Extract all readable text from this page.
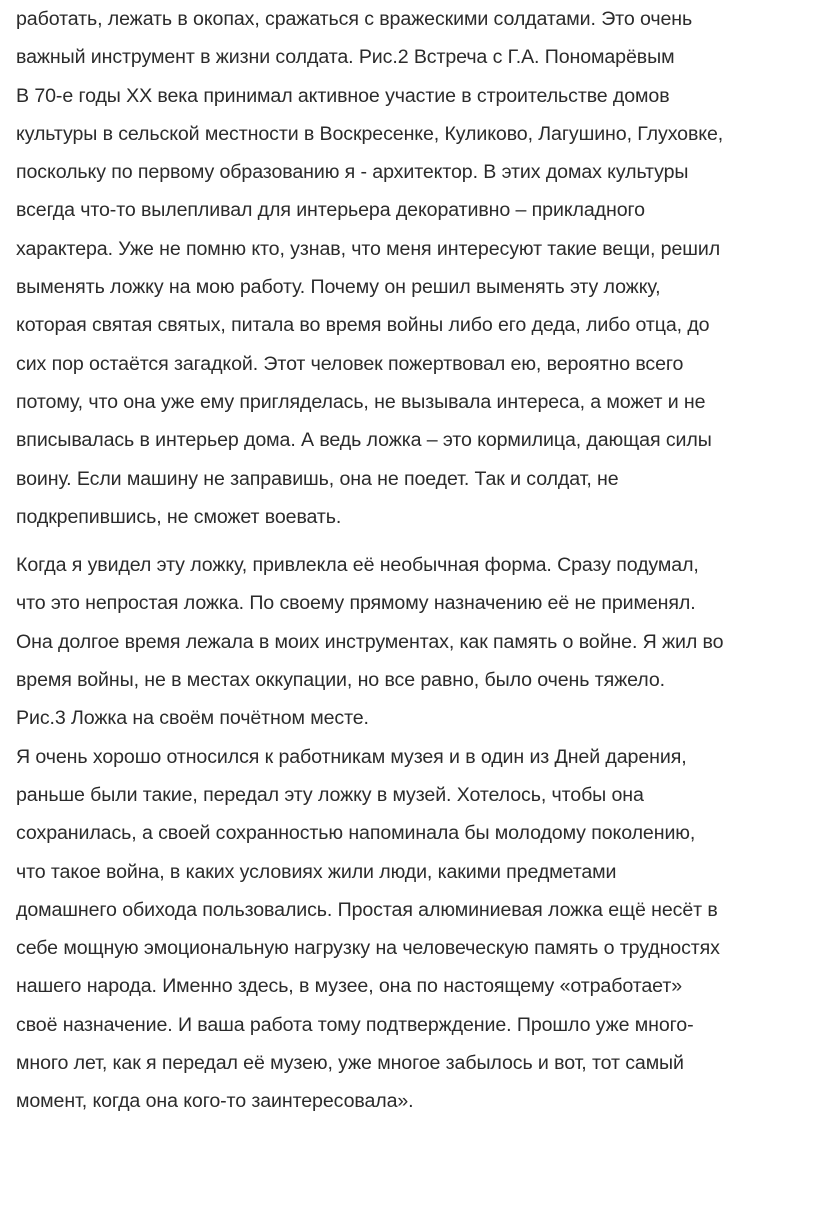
работать, лежать в окопах, сражаться с вражескими солдатами. Это очень
важный инструмент в жизни солдата. Рис.2 Встреча с Г.А. Пономарёвым
В 70-е годы XX века принимал активное участие в строительстве домов
культуры в сельской местности в Воскресенке, Куликово, Лагушино, Глуховке,
поскольку по первому образованию я - архитектор. В этих домах культуры
всегда что-то вылепливал для интерьера декоративно – прикладного
характера. Уже не помню кто, узнав, что меня интересуют такие вещи, решил
выменять ложку на мою работу. Почему он решил выменять эту ложку,
которая святая святых, питала во время войны либо его деда, либо отца, до
сих пор остаётся загадкой. Этот человек пожертвовал ею, вероятно всего
потому, что она уже ему пригляделась, не вызывала интереса, а может и не
вписывалась в интерьер дома. А ведь ложка – это кормилица, дающая силы
воину. Если машину не заправишь, она не поедет. Так и солдат, не
подкрепившись, не сможет воевать.
Когда я увидел эту ложку, привлекла её необычная форма. Сразу подумал,
что это непростая ложка. По своему прямому назначению её не применял.
Она долгое время лежала в моих инструментах, как память о войне. Я жил во
время войны, не в местах оккупации, но все равно, было очень тяжело.
Рис.3 Ложка на своём почётном месте.
Я очень хорошо относился к работникам музея и в один из Дней дарения,
раньше были такие, передал эту ложку в музей. Хотелось, чтобы она
сохранилась, а своей сохранностью напоминала бы молодому поколению,
что такое война, в каких условиях жили люди, какими предметами
домашнего обихода пользовались. Простая алюминиевая ложка ещё несёт в
себе мощную эмоциональную нагрузку на человеческую память о трудностях
нашего народа. Именно здесь, в музее, она по настоящему «отработает»
своё назначение. И ваша работа тому подтверждение. Прошло уже много-
много лет, как я передал её музею, уже многое забылось и вот, тот самый
момент, когда она кого-то заинтересовала».
